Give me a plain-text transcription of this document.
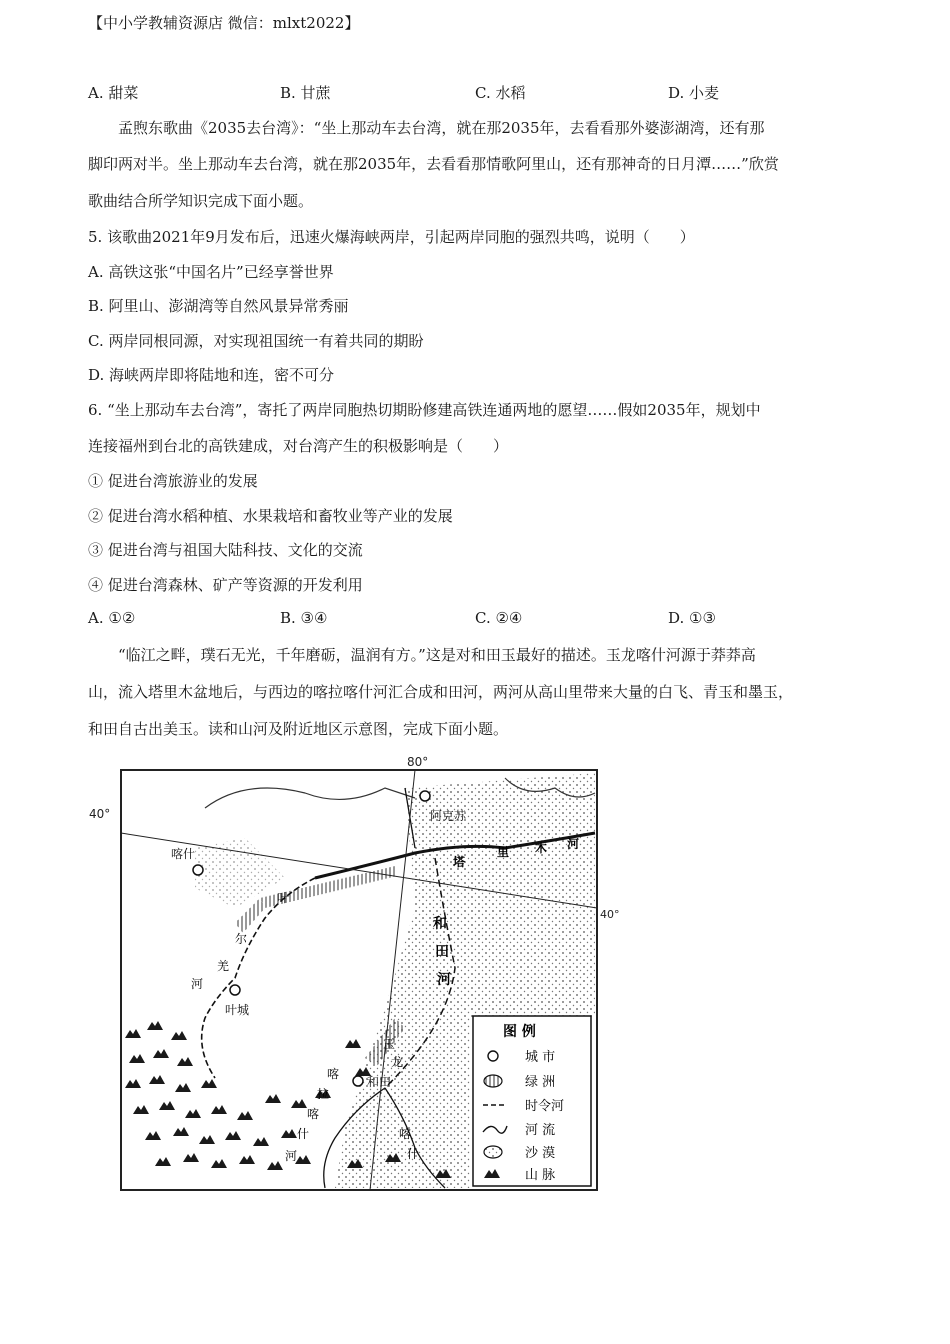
【中小学教辅资源店 微信：mlxt2022】
A. 甜菜	B. 甘蔗	C. 水稻	D. 小麦
孟煦东歌曲《2035去台湾》：“坐上那动车去台湾，就在那2035年，去看看那外婆澎湖湾，还有那
脚印两对半。坐上那动车去台湾，就在那2035年，去看看那情歌阿里山，还有那神奇的日月潭……”欣赏
歌曲结合所学知识完成下面小题。
5. 该歌曲2021年9月发布后，迅速火爆海峡两岸，引起两岸同胞的强烈共鸣，说明（　　）
A. 高铁这张“中国名片”已经享誉世界
B. 阿里山、澎湖湾等自然风景异常秀丽
C. 两岸同根同源，对实现祖国统一有着共同的期盼
D. 海峡两岸即将陆地和连，密不可分
6. “坐上那动车去台湾”，寄托了两岸同胞热切期盼修建高铁连通两地的愿望……假如2035年，规划中
连接福州到台北的高铁建成，对台湾产生的积极影响是（　　）
① 促进台湾旅游业的发展
② 促进台湾水稻种植、水果栽培和畜牧业等产业的发展
③ 促进台湾与祖国大陆科技、文化的交流
④ 促进台湾森林、矿产等资源的开发利用
A. ①②	B. ③④	C. ②④	D. ①③
“临江之畔，璞石无光，千年磨砺，温润有方。”这是对和田玉最好的描述。玉龙喀什河源于莽莽高
山，流入塔里木盆地后，与西边的喀拉喀什河汇合成和田河，两河从高山里带来大量的白飞、青玉和墨玉，
和田自古出美玉。读和山河及附近地区示意图，完成下面小题。
80°
40°
40°
阿克苏
喀什
叶城
和田
塔
里 木 河
叶
尔
羌
河
和
田
河
喀
拉
喀
什
河
玉
龙
喀
什
图 例
城 市
绿 洲
时令河
河 流
沙 漠
山 脉
